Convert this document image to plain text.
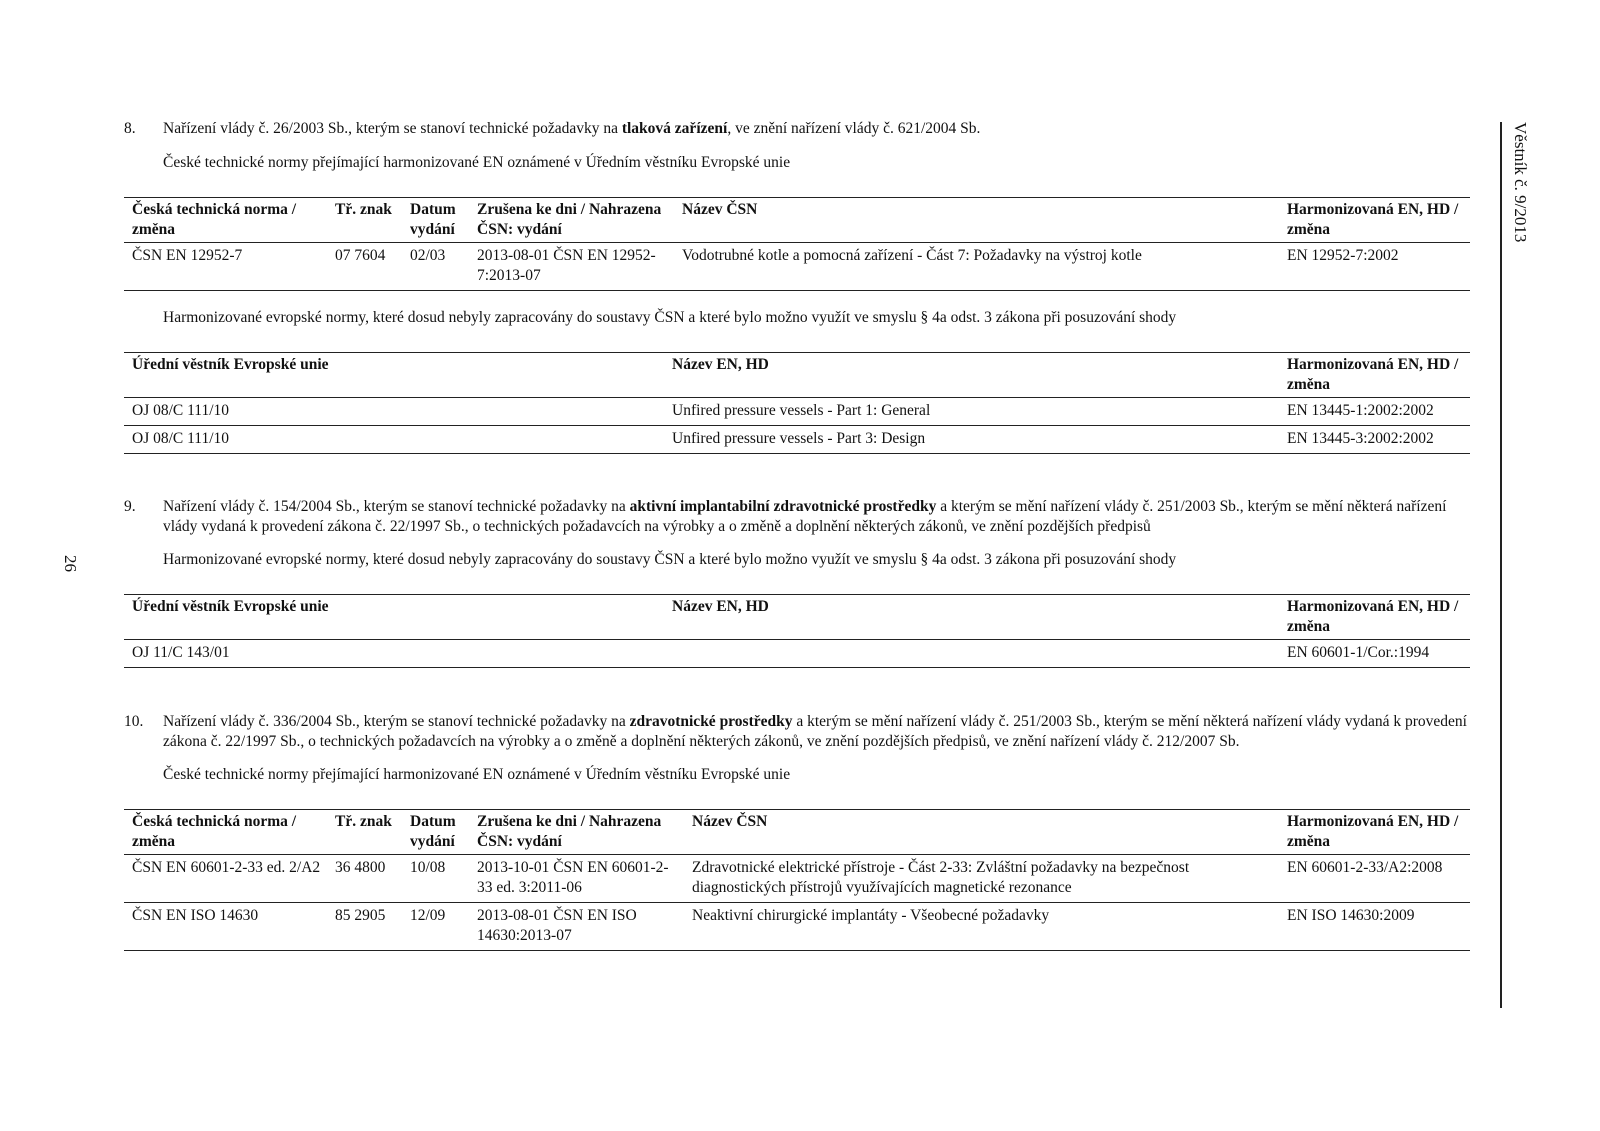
Věstník č. 9/2013
26
8.	Nařízení vlády č. 26/2003 Sb., kterým se stanoví technické požadavky na tlaková zařízení, ve znění nařízení vlády č. 621/2004 Sb.
České technické normy přejímající harmonizované EN oznámené v Úředním věstníku Evropské unie
Česká technická norma / změna	Tř. znak	Datum vydání	Zrušena ke dni / Nahrazena ČSN: vydání	Název ČSN	Harmonizovaná EN, HD / změna
ČSN EN 12952-7	07 7604	02/03	2013-08-01 ČSN EN 12952-7:2013-07	Vodotrubné kotle a pomocná zařízení - Část 7: Požadavky na výstroj kotle	EN 12952-7:2002
Harmonizované evropské normy, které dosud nebyly zapracovány do soustavy ČSN a které bylo možno využít ve smyslu § 4a odst. 3 zákona při posuzování shody
Úřední věstník Evropské unie	Název EN, HD	Harmonizovaná EN, HD / změna
OJ 08/C 111/10	Unfired pressure vessels - Part 1: General	EN 13445-1:2002:2002
OJ 08/C 111/10	Unfired pressure vessels - Part 3: Design	EN 13445-3:2002:2002
9.	Nařízení vlády č. 154/2004 Sb., kterým se stanoví technické požadavky na aktivní implantabilní zdravotnické prostředky a kterým se mění nařízení vlády č. 251/2003 Sb., kterým se mění některá nařízení vlády vydaná k provedení zákona č. 22/1997 Sb., o technických požadavcích na výrobky a o změně a doplnění některých zákonů, ve znění pozdějších předpisů
Harmonizované evropské normy, které dosud nebyly zapracovány do soustavy ČSN a které bylo možno využít ve smyslu § 4a odst. 3 zákona při posuzování shody
Úřední věstník Evropské unie	Název EN, HD	Harmonizovaná EN, HD / změna
OJ 11/C 143/01		EN 60601-1/Cor.:1994
10.	Nařízení vlády č. 336/2004 Sb., kterým se stanoví technické požadavky na zdravotnické prostředky a kterým se mění nařízení vlády č. 251/2003 Sb., kterým se mění některá nařízení vlády vydaná k provedení zákona č. 22/1997 Sb., o technických požadavcích na výrobky a o změně a doplnění některých zákonů, ve znění pozdějších předpisů, ve znění nařízení vlády č. 212/2007 Sb.
České technické normy přejímající harmonizované EN oznámené v Úředním věstníku Evropské unie
Česká technická norma / změna	Tř. znak	Datum vydání	Zrušena ke dni / Nahrazena ČSN: vydání	Název ČSN	Harmonizovaná EN, HD / změna
ČSN EN 60601-2-33 ed. 2/A2	36 4800	10/08	2013-10-01 ČSN EN 60601-2-33 ed. 3:2011-06	Zdravotnické elektrické přístroje - Část 2-33: Zvláštní požadavky na bezpečnost diagnostických přístrojů využívajících magnetické rezonance	EN 60601-2-33/A2:2008
ČSN EN ISO 14630	85 2905	12/09	2013-08-01 ČSN EN ISO 14630:2013-07	Neaktivní chirurgické implantáty - Všeobecné požadavky	EN ISO 14630:2009
